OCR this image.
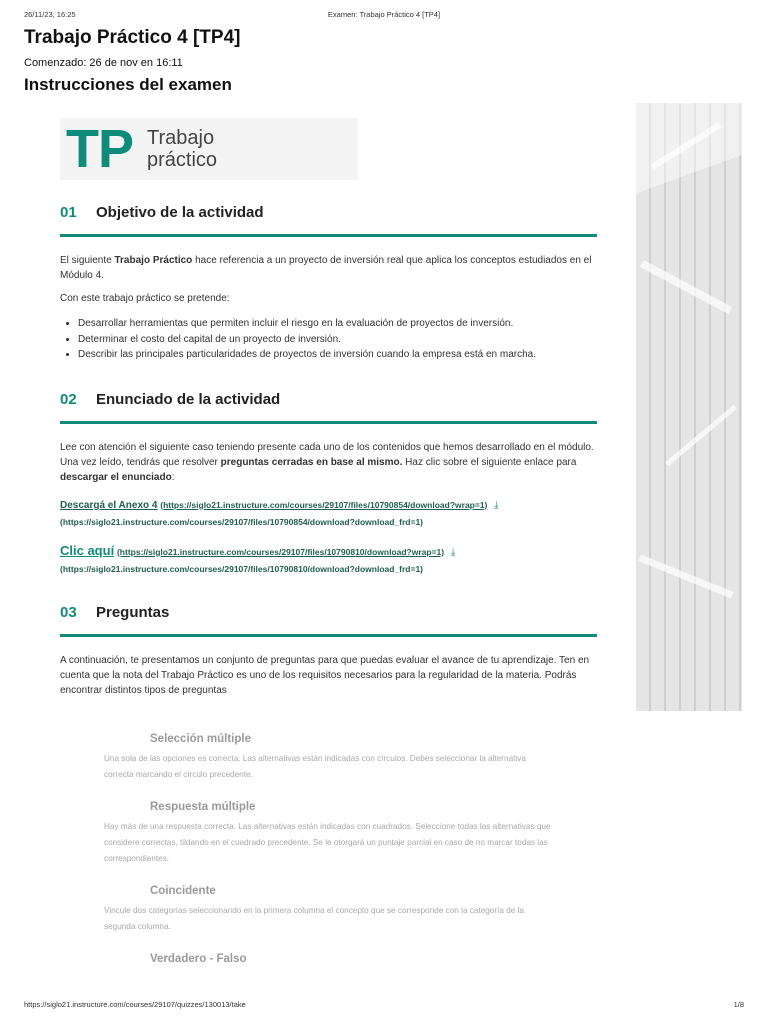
26/11/23, 16:25	Examen: Trabajo Práctico 4 [TP4]
Trabajo Práctico 4 [TP4]
Comenzado: 26 de nov en 16:11
Instrucciones del examen
TP Trabajo
práctico
01	Objetivo de la actividad

El siguiente Trabajo Práctico hace referencia a un proyecto de inversión real que aplica los conceptos estudiados en el Módulo 4.

Con este trabajo práctico se pretende:

• Desarrollar herramientas que permiten incluir el riesgo en la evaluación de proyectos de inversión.
• Determinar el costo del capital de un proyecto de inversión.
• Describir las principales particularidades de proyectos de inversión cuando la empresa está en marcha.
02	Enunciado de la actividad

Lee con atención el siguiente caso teniendo presente cada uno de los contenidos que hemos desarrollado en el módulo. Una vez leído, tendrás que resolver preguntas cerradas en base al mismo. Haz clic sobre el siguiente enlace para descargar el enunciado:

Descargá el Anexo 4 (https://siglo21.instructure.com/courses/29107/files/10790854/download?wrap=1) ⤓
(https://siglo21.instructure.com/courses/29107/files/10790854/download?download_frd=1)
Clic aquí (https://siglo21.instructure.com/courses/29107/files/10790810/download?wrap=1) ⤓
(https://siglo21.instructure.com/courses/29107/files/10790810/download?download_frd=1)
03	Preguntas

A continuación, te presentamos un conjunto de preguntas para que puedas evaluar el avance de tu aprendizaje. Ten en cuenta que la nota del Trabajo Práctico es uno de los requisitos necesarios para la regularidad de la materia. Podrás encontrar distintos tipos de preguntas

Selección múltiple
Una sola de las opciones es correcta. Las alternativas están indicadas con círculos. Debes seleccionar la alternativa correcta marcando el círculo precedente.
Respuesta múltiple
Hay más de una respuesta correcta. Las alternativas están indicadas con cuadrados. Seleccione todas las alternativas que considere correctas, tildando en el cuadrado precedente. Se le otorgará un puntaje parcial en caso de no marcar todas las correspondientes.
Coincidente
Vincule dos categorías seleccionando en la primera columna el concepto que se corresponde con la categoría de la segunda columna.
Verdadero - Falso
https://siglo21.instructure.com/courses/29107/quizzes/130013/take	1/8
